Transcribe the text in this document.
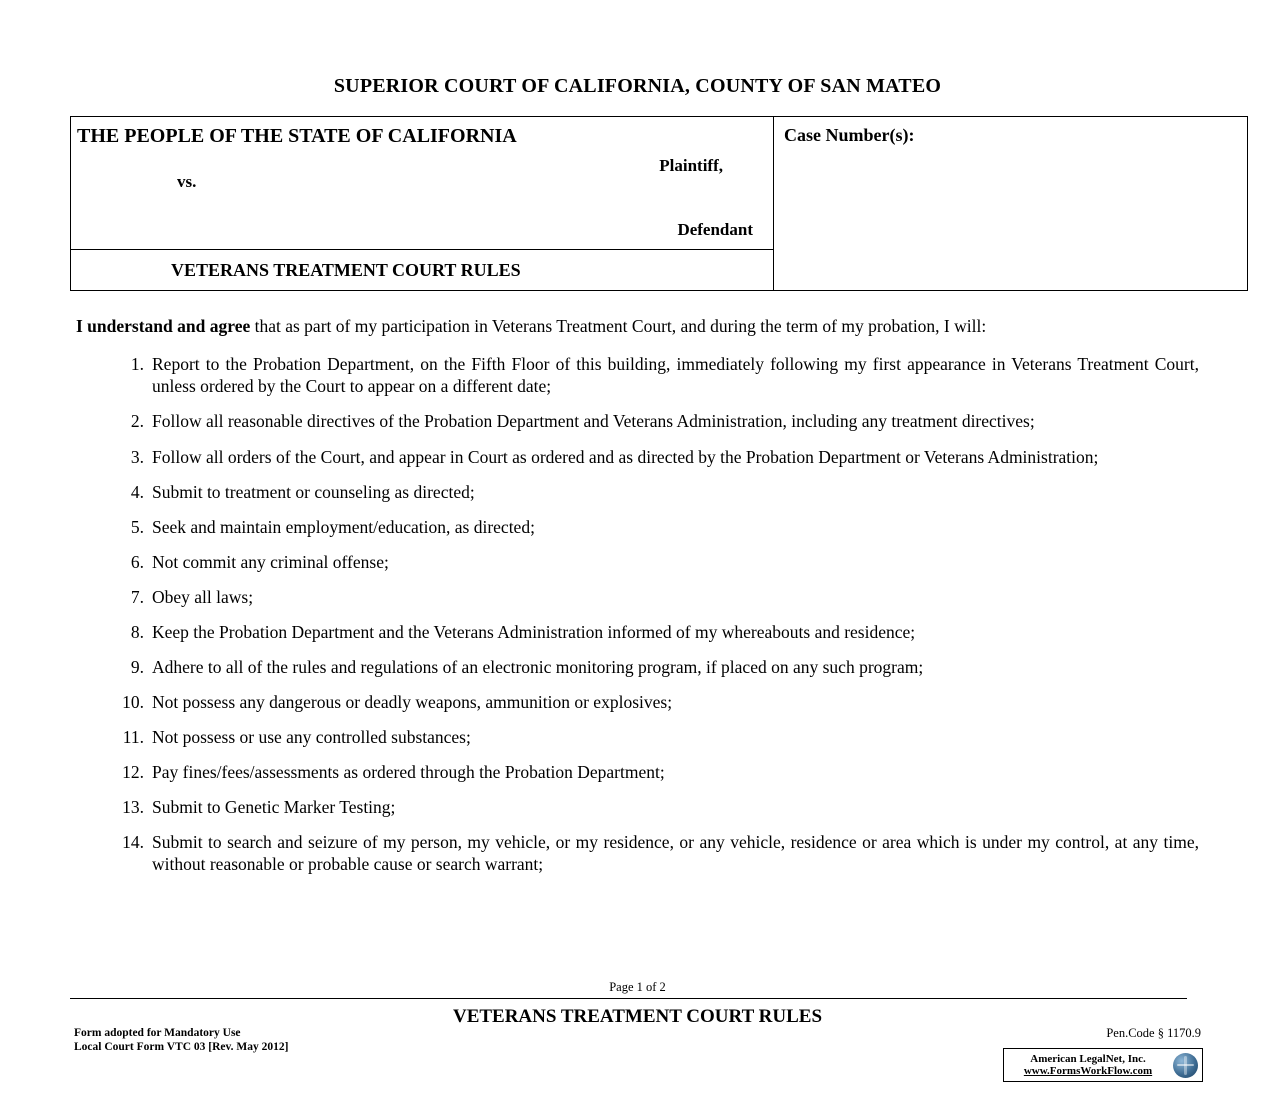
SUPERIOR COURT OF CALIFORNIA, COUNTY OF SAN MATEO
THE PEOPLE OF THE STATE OF CALIFORNIA
Plaintiff,
vs.
Defendant

Case Number(s):

VETERANS TREATMENT COURT RULES

I understand and agree that as part of my participation in Veterans Treatment Court, and during the term of my probation, I will:

1. Report to the Probation Department, on the Fifth Floor of this building, immediately following my first appearance in Veterans Treatment Court, unless ordered by the Court to appear on a different date;
2. Follow all reasonable directives of the Probation Department and Veterans Administration, including any treatment directives;
3. Follow all orders of the Court, and appear in Court as ordered and as directed by the Probation Department or Veterans Administration;
4. Submit to treatment or counseling as directed;
5. Seek and maintain employment/education, as directed;
6. Not commit any criminal offense;
7. Obey all laws;
8. Keep the Probation Department and the Veterans Administration informed of my whereabouts and residence;
9. Adhere to all of the rules and regulations of an electronic monitoring program, if placed on any such program;
10. Not possess any dangerous or deadly weapons, ammunition or explosives;
11. Not possess or use any controlled substances;
12. Pay fines/fees/assessments as ordered through the Probation Department;
13. Submit to Genetic Marker Testing;
14. Submit to search and seizure of my person, my vehicle, or my residence, or any vehicle, residence or area which is under my control, at any time, without reasonable or probable cause or search warrant;
Page 1 of 2
VETERANS TREATMENT COURT RULES
Form adopted for Mandatory Use
Local Court Form VTC 03 [Rev. May 2012]
Pen.Code § 1170.9
American LegalNet, Inc.
www.FormsWorkFlow.com
